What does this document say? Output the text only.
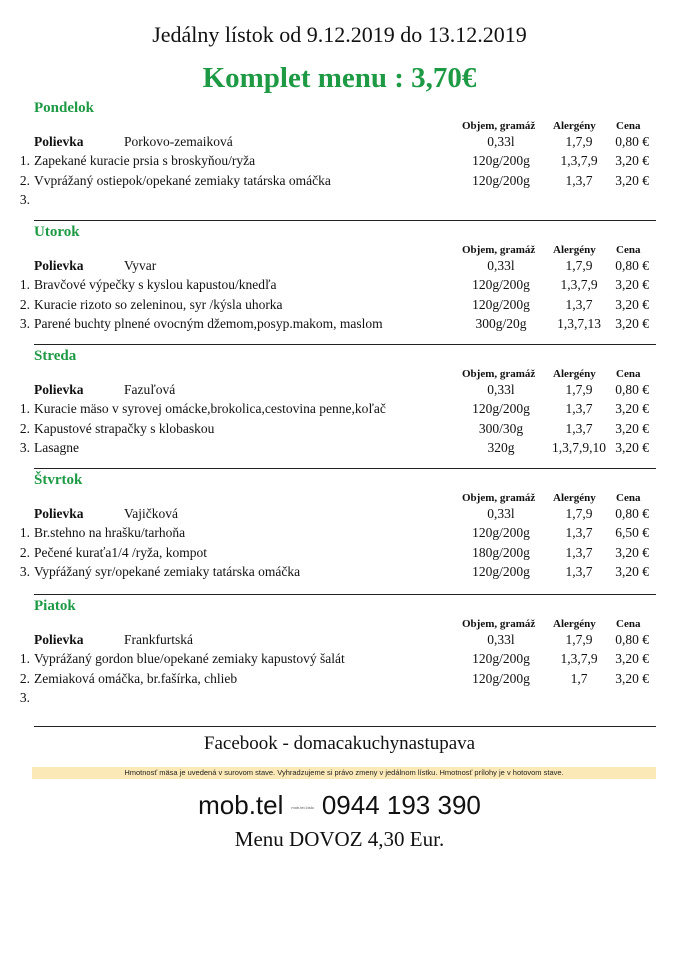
Jedálny lístok od 9.12.2019 do 13.12.2019
Komplet menu : 3,70€
Pondelok
Objem, gramáž Alergény Cena
Polievka	Porkovo-zemaiková	0,33l	1,7,9	0,80 €
1. Zapekané kuracie prsia s broskyňou/ryža	120g/200g	1,3,7,9	3,20 €
2. Vvprážaný ostiepok/opekané zemiaky tatárska omáčka	120g/200g	1,3,7	3,20 €
3.
Utorok
Objem, gramáž Alergény Cena
Polievka	Vyvar	0,33l	1,7,9	0,80 €
1. Bravčové výpečky s kyslou kapustou/knedľa	120g/200g	1,3,7,9	3,20 €
2. Kuracie rizoto so zeleninou, syr /kýsla uhorka	120g/200g	1,3,7	3,20 €
3. Parené buchty plnené ovocným džemom,posyp.makom, maslom	300g/20g	1,3,7,13	3,20 €
Streda
Objem, gramáž Alergény Cena
Polievka	Fazuľová	0,33l	1,7,9	0,80 €
1. Kuracie mäso v syrovej omácke,brokolica,cestovina penne,koľač	120g/200g	1,3,7	3,20 €
2. Kapustové strapačky s klobaskou	300/30g	1,3,7	3,20 €
3. Lasagne	320g	1,3,7,9,10 3,20 €
Štvrtok
Objem, gramáž Alergény Cena
Polievka	Vajičková	0,33l	1,7,9	0,80 €
1. Br.stehno na hrašku/tarhoňa	120g/200g	1,3,7	6,50 €
2. Pečené kuraťa1/4 /ryža, kompot	180g/200g	1,3,7	3,20 €
3. Vypŕážaný syr/opekané zemiaky tatárska omáčka	120g/200g	1,3,7	3,20 €
Piatok
Objem, gramáž Alergény Cena
Polievka	Frankfurtská	0,33l	1,7,9	0,80 €
1. Vyprážaný gordon blue/opekané zemiaky kapustový šalát	120g/200g	1,3,7,9	3,20 €
2. Zemiaková omáčka, br.fašírka, chlieb	120g/200g	1,7	3,20 €
3.
Facebook - domacakuchynastupava
Hmotnosť mäsa je uvedená v surovom stave. Vyhradzujeme si právo zmeny v jedálnom lístku. Hmotnosť prílohy je v hotovom stave.
mob.tel mob.tel.číslo 0944 193 390
Menu DOVOZ 4,30 Eur.
